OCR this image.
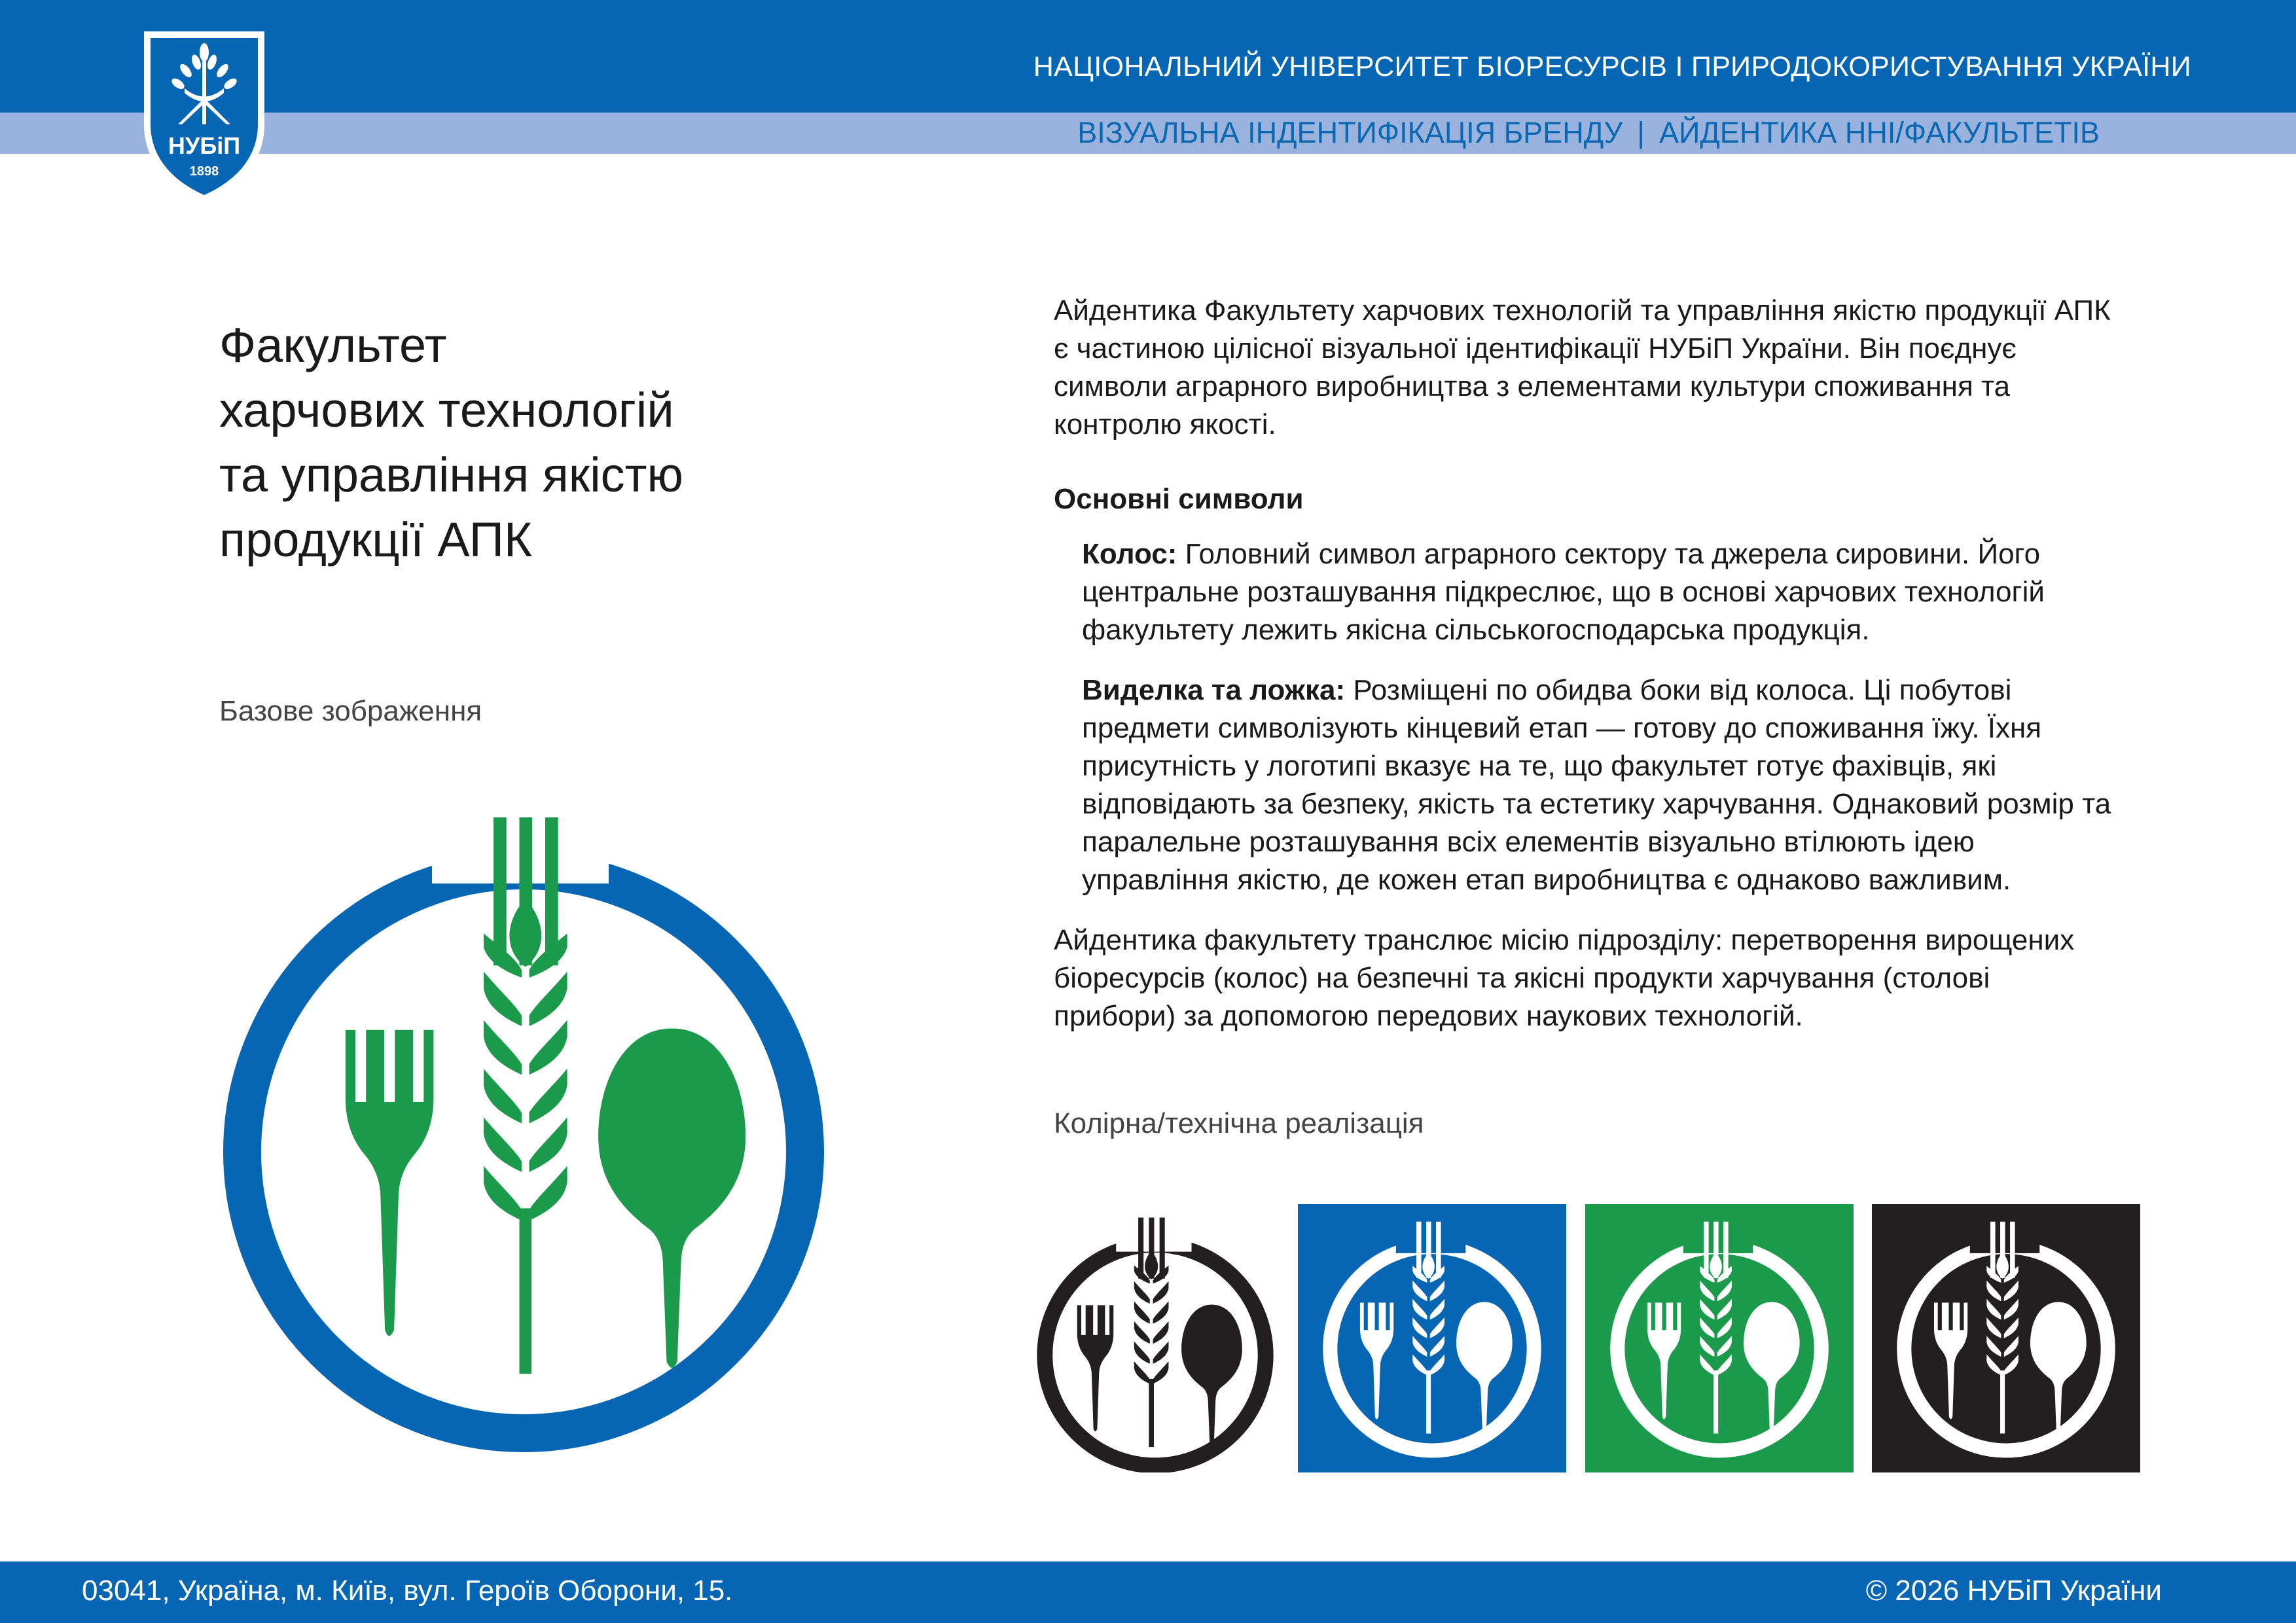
НУБіП
1898
НАЦІОНАЛЬНИЙ УНІВЕРСИТЕТ БІОРЕСУРСІВ І ПРИРОДОКОРИСТУВАННЯ УКРАЇНИ
ВІЗУАЛЬНА ІНДЕНТИФІКАЦІЯ БРЕНДУ | АЙДЕНТИКА ННІ/ФАКУЛЬТЕТІВ
Факультет
харчових технологій
та управління якістю
продукції АПК
Базове зображення

Айдентика Факультету харчових технологій та управління якістю продукції АПК є частиною цілісної візуальної ідентифікації НУБіП України. Він поєднує символи аграрного виробництва з елементами культури споживання та контролю якості.

Основні символи

Колос: Головний символ аграрного сектору та джерела сировини. Його центральне розташування підкреслює, що в основі харчових технологій факультету лежить якісна сільськогосподарська продукція.

Виделка та ложка: Розміщені по обидва боки від колоса. Ці побутові предмети символізують кінцевий етап — готову до споживання їжу. Їхня присутність у логотипі вказує на те, що факультет готує фахівців, які відповідають за безпеку, якість та естетику харчування. Однаковий розмір та паралельне розташування всіх елементів візуально втілюють ідею управління якістю, де кожен етап виробництва є однаково важливим.

Айдентика факультету транслює місію підрозділу: перетворення вирощених біоресурсів (колос) на безпечні та якісні продукти харчування (столові прибори) за допомогою передових наукових технологій.

Колірна/технічна реалізація
03041, Україна, м. Київ, вул. Героїв Оборони, 15.	© 2026 НУБіП України
